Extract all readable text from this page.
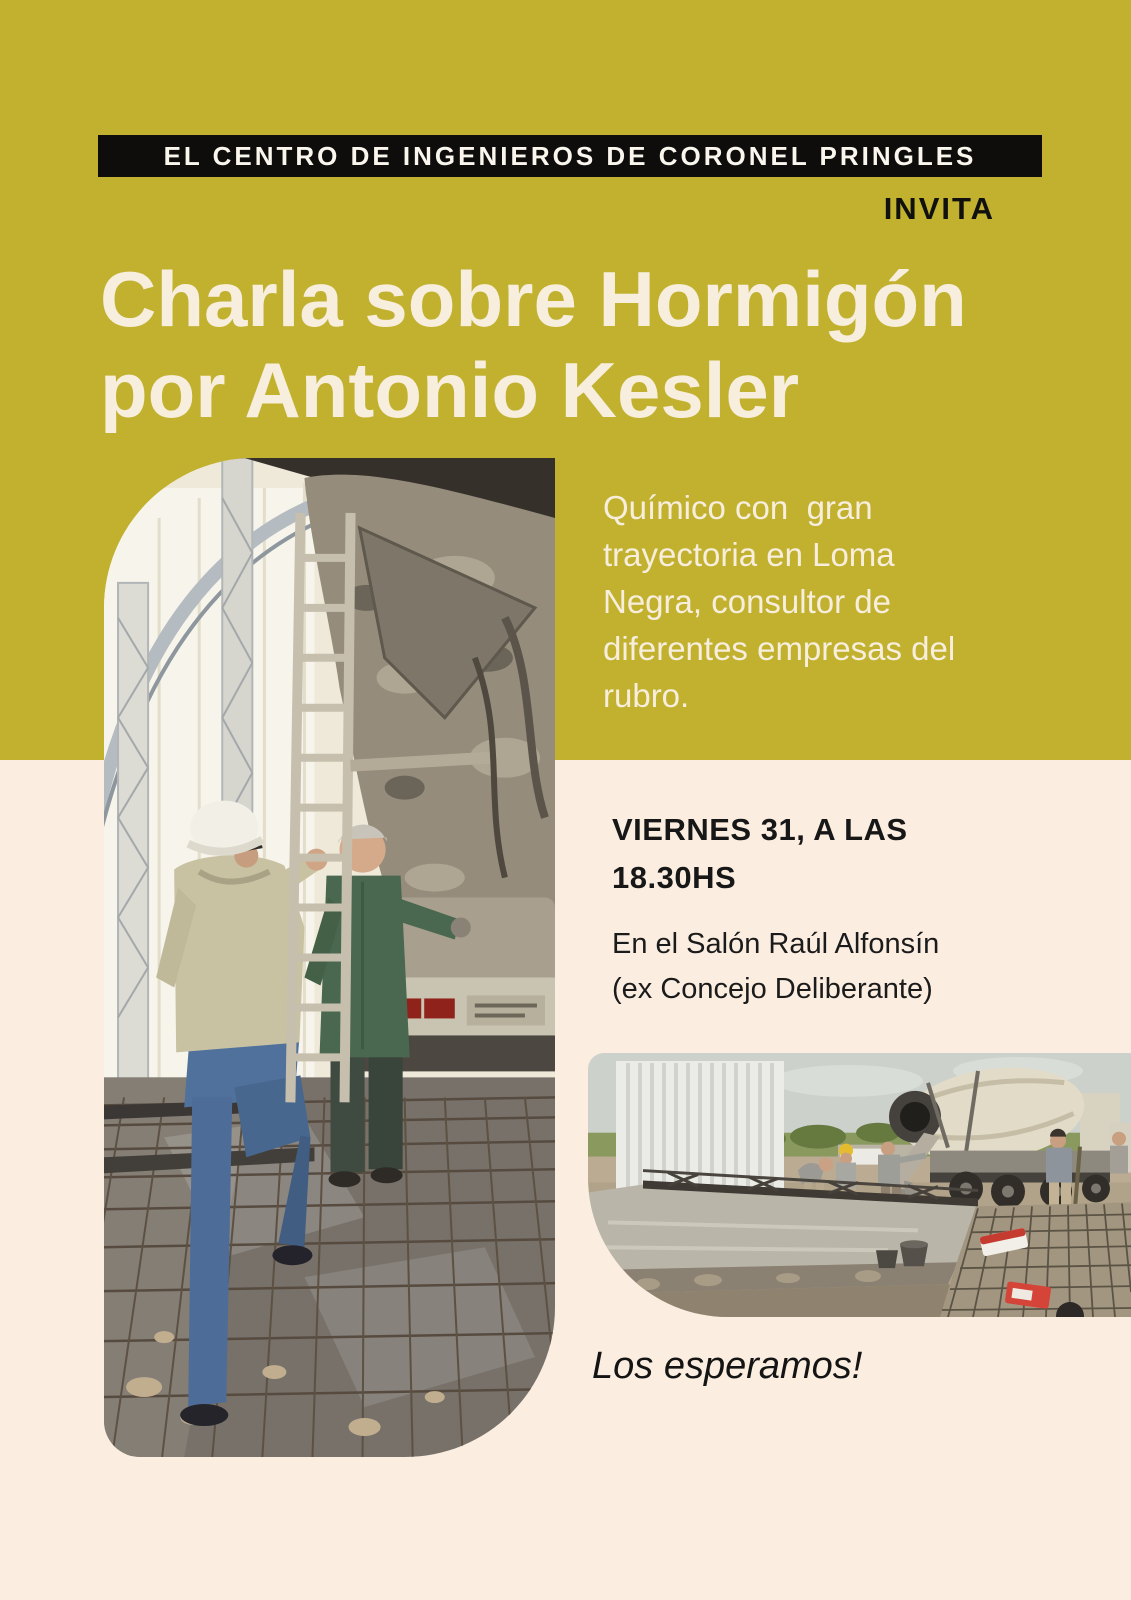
EL CENTRO DE INGENIEROS DE CORONEL PRINGLES
INVITA
Charla sobre Hormigón
por Antonio Kesler
Químico con  gran
trayectoria en Loma
Negra, consultor de
diferentes empresas del
rubro.
VIERNES 31, A LAS
18.30HS
En el Salón Raúl Alfonsín
(ex Concejo Deliberante)
Los esperamos!
